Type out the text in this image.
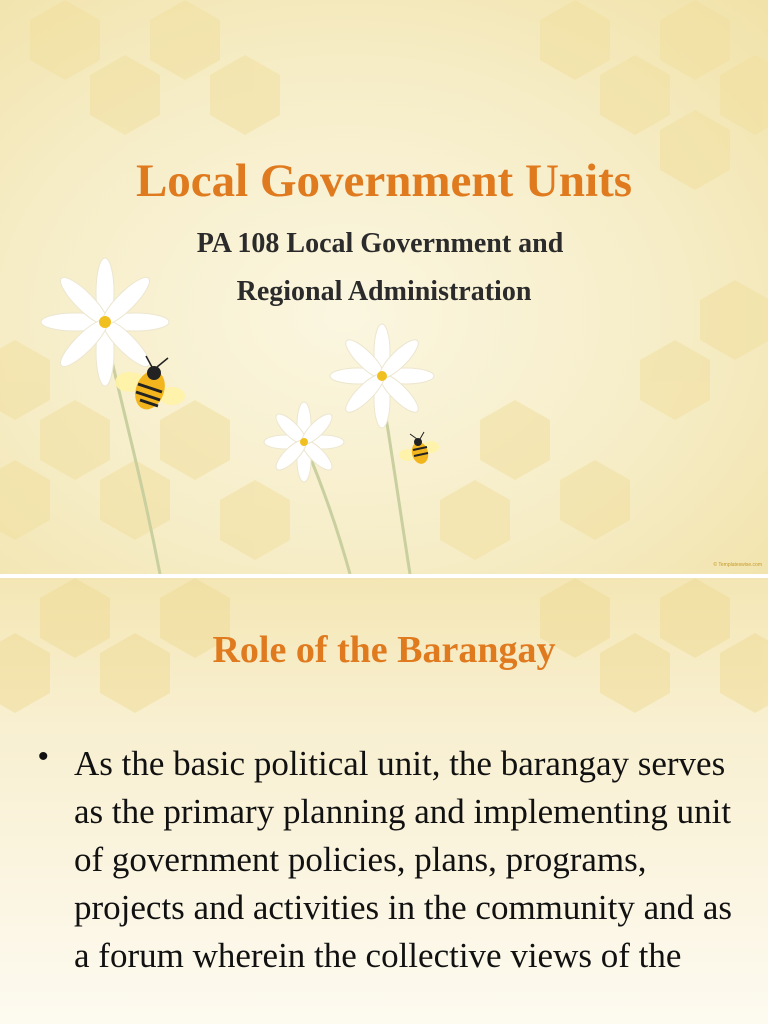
Local Government Units

PA 108 Local Government and

Regional Administration

© Templateswise.com
Role of the Barangay
• As the basic political unit, the barangay serves as the primary planning and implementing unit of government policies, plans, programs, projects and activities in the community and as a forum wherein the collective views of the
